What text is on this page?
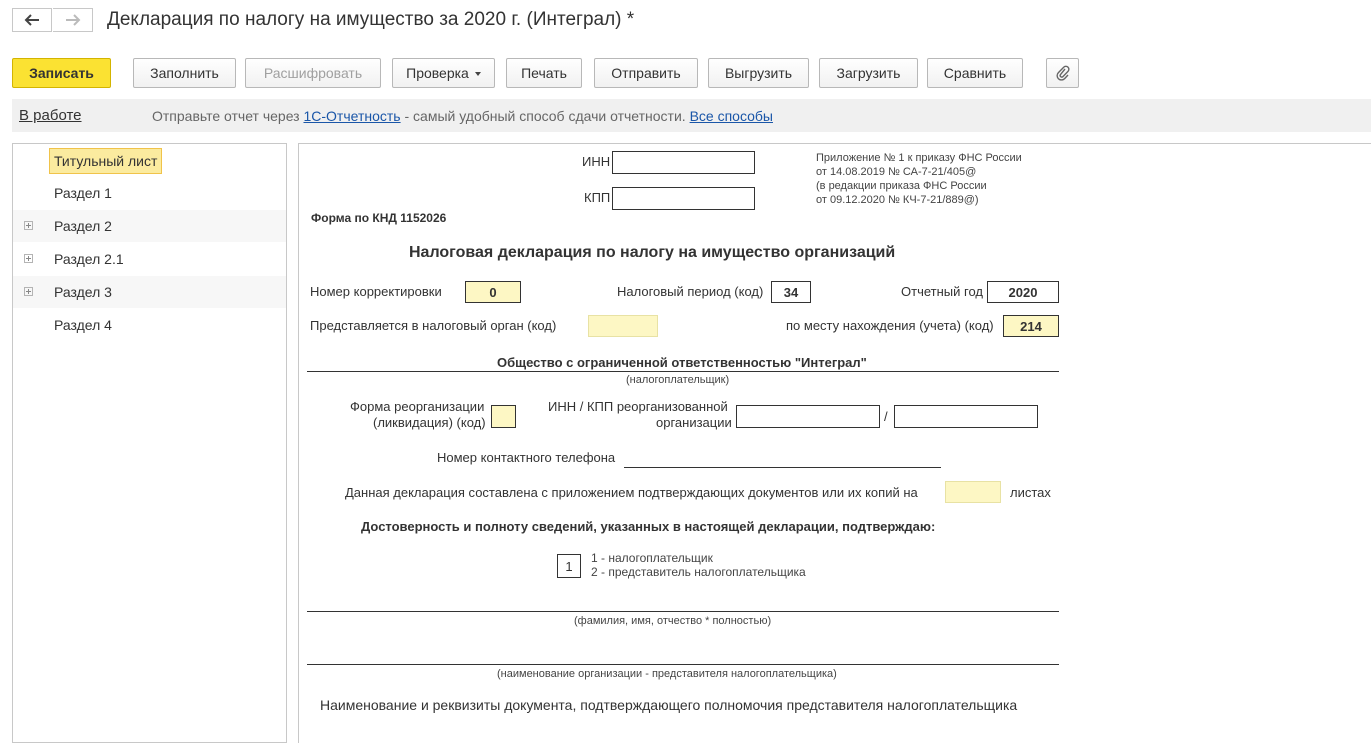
Декларация по налогу на имущество за 2020 г. (Интеграл) *
Записать	Заполнить	Расшифровать	Проверка	Печать	Отправить	Выгрузить	Загрузить	Сравнить
В работе	Отправьте отчет через 1С-Отчетность - самый удобный способ сдачи отчетности. Все способы
Титульный лист
Раздел 1
Раздел 2
Раздел 2.1
Раздел 3
Раздел 4
ИНН
КПП
Приложение № 1 к приказу ФНС России
от 14.08.2019 № СА-7-21/405@
(в редакции приказа ФНС России
от 09.12.2020 № КЧ-7-21/889@)
Форма по КНД 1152026
Налоговая декларация по налогу на имущество организаций
Номер корректировки	0	Налоговый период (код)	34	Отчетный год	2020
Представляется в налоговый орган (код)	по месту нахождения (учета) (код)	214
Общество с ограниченной ответственностью "Интеграл"
(налогоплательщик)
Форма реорганизации
(ликвидация) (код)
ИНН / КПП реорганизованной
организации	/
Номер контактного телефона
Данная декларация составлена с приложением подтверждающих документов или их копий на	листах
Достоверность и полноту сведений, указанных в настоящей декларации, подтверждаю:
1
1 - налогоплательщик
2 - представитель налогоплательщика
(фамилия, имя, отчество * полностью)
(наименование организации - представителя налогоплательщика)
Наименование и реквизиты документа, подтверждающего полномочия представителя налогоплательщика
